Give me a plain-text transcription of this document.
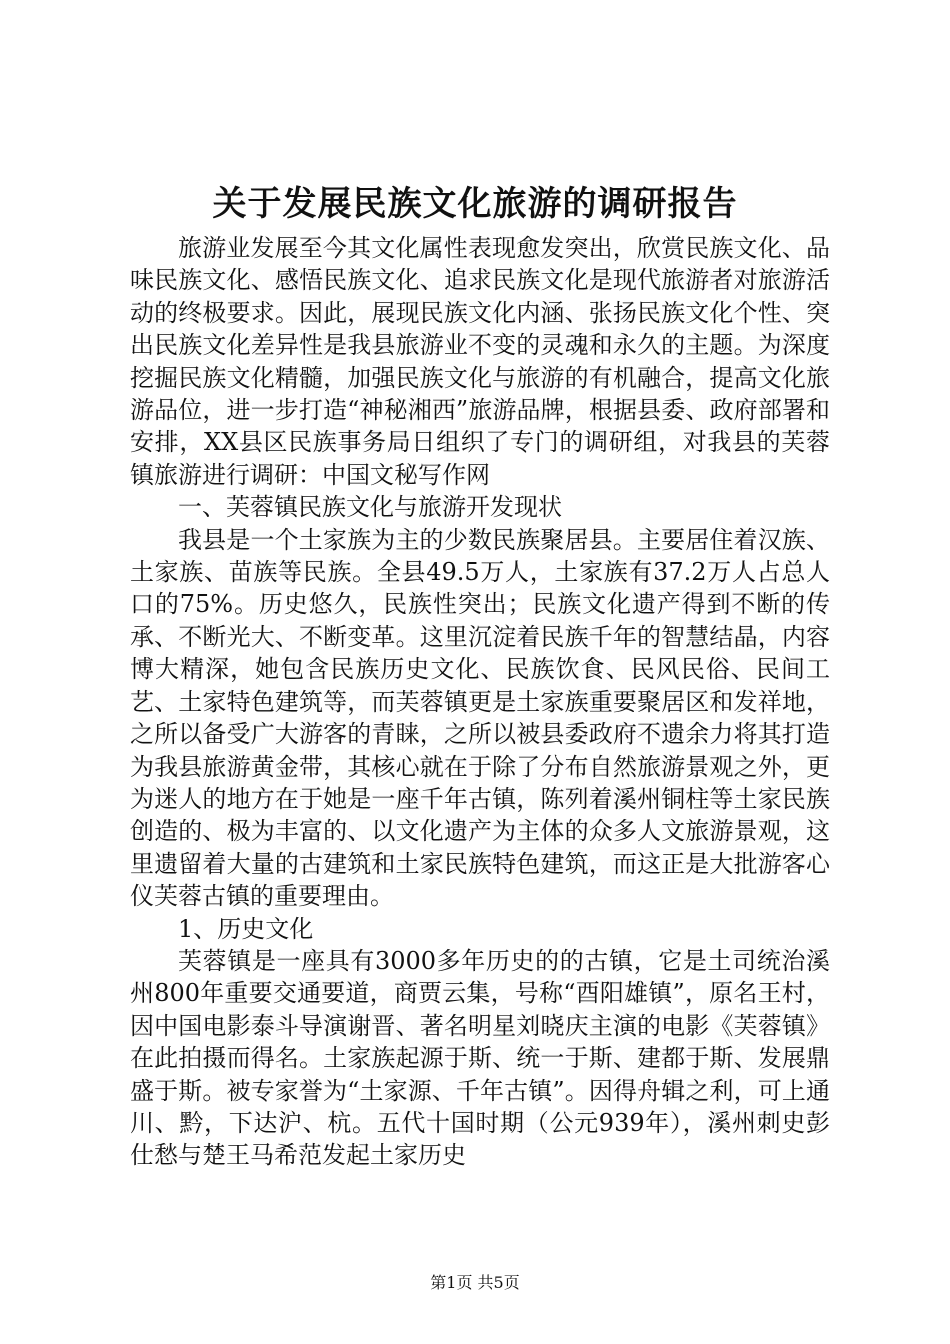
关于发展民族文化旅游的调研报告

旅游业发展至今其文化属性表现愈发突出，欣赏民族文化、品味民族文化、感悟民族文化、追求民族文化是现代旅游者对旅游活动的终极要求。因此，展现民族文化内涵、张扬民族文化个性、突出民族文化差异性是我县旅游业不变的灵魂和永久的主题。为深度挖掘民族文化精髓，加强民族文化与旅游的有机融合，提高文化旅游品位，进一步打造“神秘湘西”旅游品牌，根据县委、政府部署和安排，XX县区民族事务局日组织了专门的调研组，对我县的芙蓉镇旅游进行调研：中国文秘写作网

一、芙蓉镇民族文化与旅游开发现状

我县是一个土家族为主的少数民族聚居县。主要居住着汉族、土家族、苗族等民族。全县49.5万人，土家族有37.2万人占总人口的75%。历史悠久，民族性突出；民族文化遗产得到不断的传承、不断光大、不断变革。这里沉淀着民族千年的智慧结晶，内容博大精深，她包含民族历史文化、民族饮食、民风民俗、民间工艺、土家特色建筑等，而芙蓉镇更是土家族重要聚居区和发祥地，之所以备受广大游客的青睐，之所以被县委政府不遗余力将其打造为我县旅游黄金带，其核心就在于除了分布自然旅游景观之外，更为迷人的地方在于她是一座千年古镇，陈列着溪州铜柱等土家民族创造的、极为丰富的、以文化遗产为主体的众多人文旅游景观，这里遗留着大量的古建筑和土家民族特色建筑，而这正是大批游客心仪芙蓉古镇的重要理由。

1、历史文化

芙蓉镇是一座具有3000多年历史的的古镇，它是土司统治溪州800年重要交通要道，商贾云集，号称“酉阳雄镇”，原名王村，因中国电影泰斗导演谢晋、著名明星刘晓庆主演的电影《芙蓉镇》在此拍摄而得名。土家族起源于斯、统一于斯、建都于斯、发展鼎盛于斯。被专家誉为“土家源、千年古镇”。因得舟辑之利，可上通川、黔，下达沪、杭。五代十国时期（公元939年），溪州刺史彭仕愁与楚王马希范发起土家历史

第1页 共5页
